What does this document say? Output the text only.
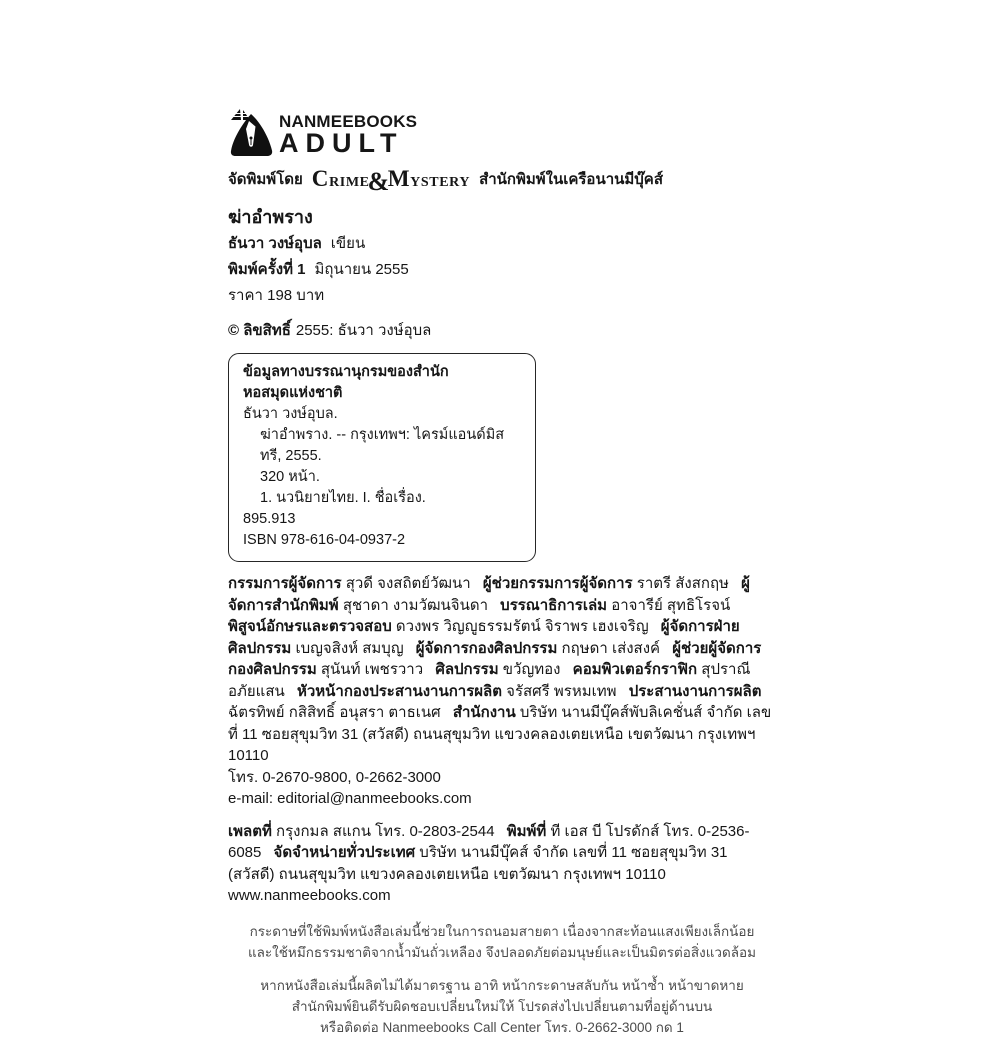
NANMEEBOOKS
ADULT
จัดพิมพ์โดย CRIME
&
MYSTERY สำนักพิมพ์ในเครือนานมีบุ๊คส์
ฆ่าอำพราง
ธันวา วงษ์อุบล เขียน
พิมพ์ครั้งที่ 1 มิถุนายน 2555
ราคา 198 บาท
© ลิขสิทธิ์ 2555: ธันวา วงษ์อุบล
ข้อมูลทางบรรณานุกรมของสำนักหอสมุดแห่งชาติ
ธันวา วงษ์อุบล.
ฆ่าอำพราง. -- กรุงเทพฯ: ไครม์แอนด์มิสทรี, 2555.
320 หน้า.
1. นวนิยายไทย. I. ชื่อเรื่อง.
895.913
ISBN 978-616-04-0937-2
กรรมการผู้จัดการ สุวดี จงสถิตย์วัฒนา ผู้ช่วยกรรมการผู้จัดการ ราตรี สังสกฤษ ผู้จัดการสำนักพิมพ์ สุชาดา งามวัฒนจินดา บรรณาธิการเล่ม อาจารีย์ สุทธิโรจน์ พิสูจน์อักษรและตรวจสอบ ดวงพร วิญญูธรรมรัตน์ จิราพร เฮงเจริญ ผู้จัดการฝ่ายศิลปกรรม เบญจสิงห์ สมบุญ ผู้จัดการกองศิลปกรรม กฤษดา เส่งสงค์ ผู้ช่วยผู้จัดการกองศิลปกรรม สุนันท์ เพชรวาว ศิลปกรรม ขวัญทอง คอมพิวเตอร์กราฟิก สุปราณี อภัยแสน หัวหน้ากองประสานงานการผลิต จรัสศรี พรหมเทพ ประสานงานการผลิต ฉัตรทิพย์ กสิสิทธิ์ อนุสรา ตาธเนศ สำนักงาน บริษัท นานมีบุ๊คส์พับลิเคชั่นส์ จำกัด เลขที่ 11 ซอยสุขุมวิท 31 (สวัสดี) ถนนสุขุมวิท แขวงคลองเตยเหนือ เขตวัฒนา กรุงเทพฯ 10110
โทร. 0-2670-9800, 0-2662-3000
e-mail: editorial@nanmeebooks.com
เพลตที่ กรุงกมล สแกน โทร. 0-2803-2544 พิมพ์ที่ ที เอส บี โปรดักส์ โทร. 0-2536-6085 จัดจำหน่ายทั่วประเทศ บริษัท นานมีบุ๊คส์ จำกัด เลขที่ 11 ซอยสุขุมวิท 31 (สวัสดี) ถนนสุขุมวิท แขวงคลองเตยเหนือ เขตวัฒนา กรุงเทพฯ 10110 www.nanmeebooks.com
กระดาษที่ใช้พิมพ์หนังสือเล่มนี้ช่วยในการถนอมสายตา เนื่องจากสะท้อนแสงเพียงเล็กน้อย
และใช้หมึกธรรมชาติจากน้ำมันถั่วเหลือง จึงปลอดภัยต่อมนุษย์และเป็นมิตรต่อสิ่งแวดล้อม
หากหนังสือเล่มนี้ผลิตไม่ได้มาตรฐาน อาทิ หน้ากระดาษสลับกัน หน้าซ้ำ หน้าขาดหาย
สำนักพิมพ์ยินดีรับผิดชอบเปลี่ยนใหม่ให้ โปรดส่งไปเปลี่ยนตามที่อยู่ด้านบน
หรือติดต่อ Nanmeebooks Call Center โทร. 0-2662-3000 กด 1
